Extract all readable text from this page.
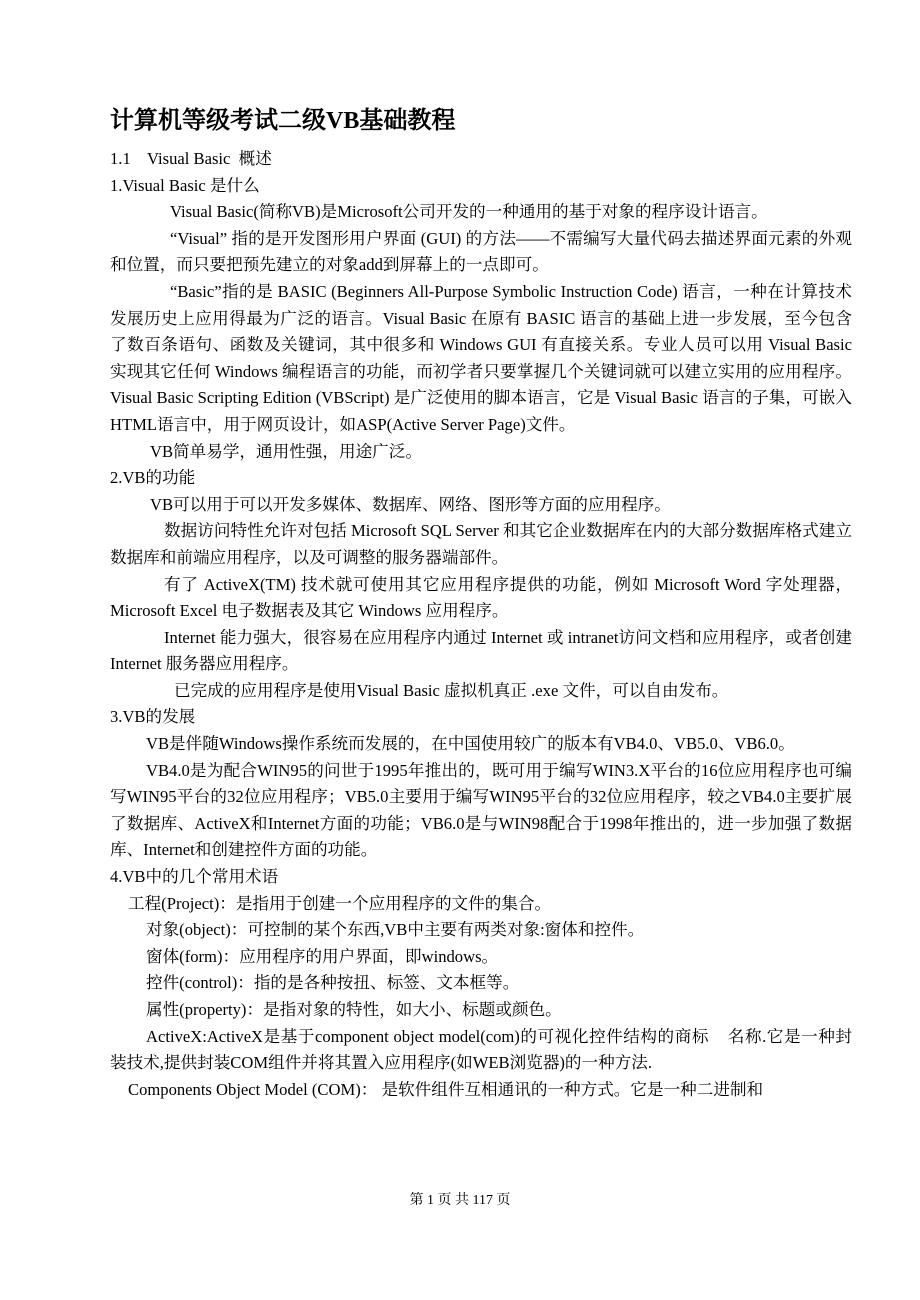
计算机等级考试二级VB基础教程

1.1    Visual Basic  概述

1.Visual Basic 是什么

Visual Basic(简称VB)是Microsoft公司开发的一种通用的基于对象的程序设计语言。

“Visual” 指的是开发图形用户界面 (GUI) 的方法——不需编写大量代码去描述界面元素的外观和位置，而只要把预先建立的对象add到屏幕上的一点即可。

“Basic”指的是 BASIC (Beginners All-Purpose Symbolic Instruction Code) 语言，一种在计算技术发展历史上应用得最为广泛的语言。Visual Basic 在原有 BASIC 语言的基础上进一步发展，至今包含了数百条语句、函数及关键词，其中很多和 Windows GUI 有直接关系。专业人员可以用 Visual Basic 实现其它任何 Windows 编程语言的功能，而初学者只要掌握几个关键词就可以建立实用的应用程序。Visual Basic Scripting Edition (VBScript) 是广泛使用的脚本语言，它是 Visual Basic 语言的子集，可嵌入HTML语言中，用于网页设计，如ASP(Active Server Page)文件。

VB简单易学，通用性强，用途广泛。

2.VB的功能

VB可以用于可以开发多媒体、数据库、网络、图形等方面的应用程序。

数据访问特性允许对包括 Microsoft SQL Server 和其它企业数据库在内的大部分数据库格式建立数据库和前端应用程序，以及可调整的服务器端部件。

有了 ActiveX(TM) 技术就可使用其它应用程序提供的功能，例如 Microsoft Word 字处理器，Microsoft Excel 电子数据表及其它 Windows 应用程序。

Internet 能力强大，很容易在应用程序内通过 Internet 或 intranet访问文档和应用程序，或者创建 Internet 服务器应用程序。

已完成的应用程序是使用Visual Basic 虚拟机真正 .exe 文件，可以自由发布。

3.VB的发展

VB是伴随Windows操作系统而发展的，在中国使用较广的版本有VB4.0、VB5.0、VB6.0。

VB4.0是为配合WIN95的问世于1995年推出的，既可用于编写WIN3.X平台的16位应用程序也可编写WIN95平台的32位应用程序；VB5.0主要用于编写WIN95平台的32位应用程序，较之VB4.0主要扩展了数据库、ActiveX和Internet方面的功能；VB6.0是与WIN98配合于1998年推出的，进一步加强了数据库、Internet和创建控件方面的功能。

4.VB中的几个常用术语

工程(Project)：是指用于创建一个应用程序的文件的集合。

对象(object)：可控制的某个东西,VB中主要有两类对象:窗体和控件。

窗体(form)：应用程序的用户界面，即windows。

控件(control)：指的是各种按扭、标签、文本框等。

属性(property)：是指对象的特性，如大小、标题或颜色。

ActiveX:ActiveX是基于component object model(com)的可视化控件结构的商标    名称.它是一种封装技术,提供封装COM组件并将其置入应用程序(如WEB浏览器)的一种方法.

Components Object Model (COM)： 是软件组件互相通讯的一种方式。它是一种二进制和

第 1 页 共 117 页
